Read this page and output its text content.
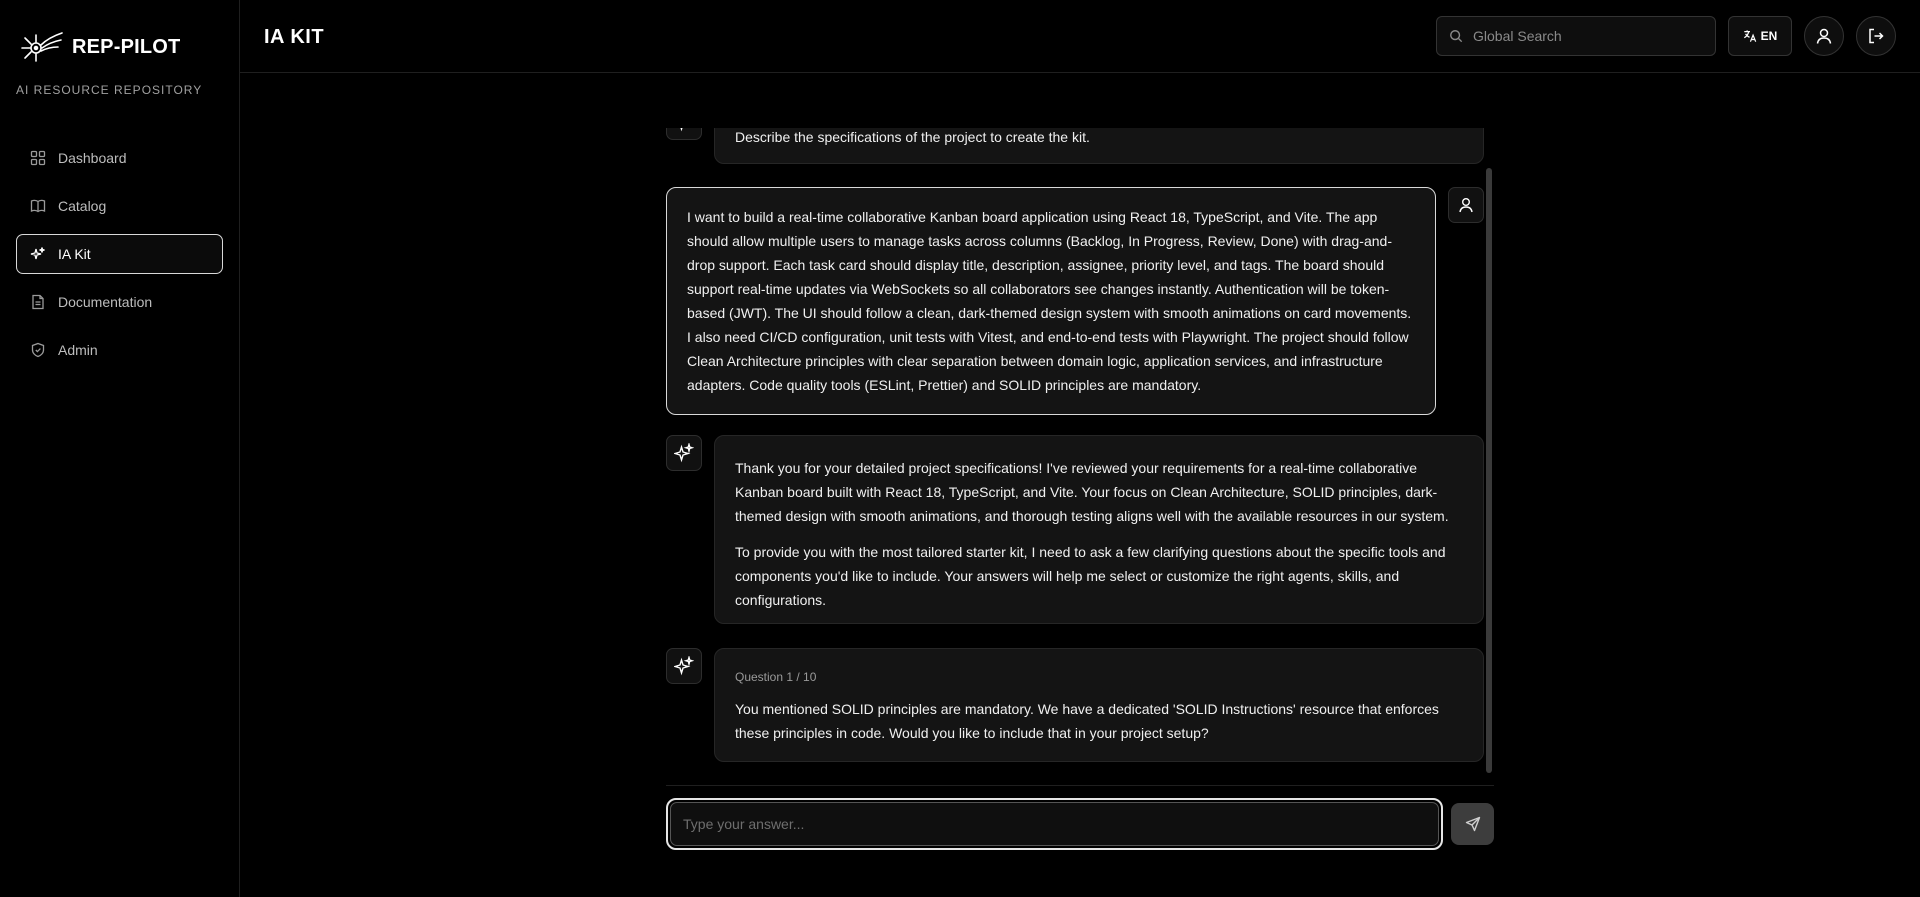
REP-PILOT
AI RESOURCE REPOSITORY
Dashboard
Catalog
IA Kit
Documentation
Admin
IA KIT
Global Search	EN

Describe the specifications of the project to create the kit.

I want to build a real-time collaborative Kanban board application using React 18, TypeScript, and Vite. The app should allow multiple users to manage tasks across columns (Backlog, In Progress, Review, Done) with drag-and-drop support. Each task card should display title, description, assignee, priority level, and tags. The board should support real-time updates via WebSockets so all collaborators see changes instantly. Authentication will be token-based (JWT). The UI should follow a clean, dark-themed design system with smooth animations on card movements. I also need CI/CD configuration, unit tests with Vitest, and end-to-end tests with Playwright. The project should follow Clean Architecture principles with clear separation between domain logic, application services, and infrastructure adapters. Code quality tools (ESLint, Prettier) and SOLID principles are mandatory.

Thank you for your detailed project specifications! I've reviewed your requirements for a real-time collaborative Kanban board built with React 18, TypeScript, and Vite. Your focus on Clean Architecture, SOLID principles, dark-themed design with smooth animations, and thorough testing aligns well with the available resources in our system.

To provide you with the most tailored starter kit, I need to ask a few clarifying questions about the specific tools and components you'd like to include. Your answers will help me select or customize the right agents, skills, and configurations.

Question 1 / 10

You mentioned SOLID principles are mandatory. We have a dedicated 'SOLID Instructions' resource that enforces these principles in code. Would you like to include that in your project setup?

Type your answer...
